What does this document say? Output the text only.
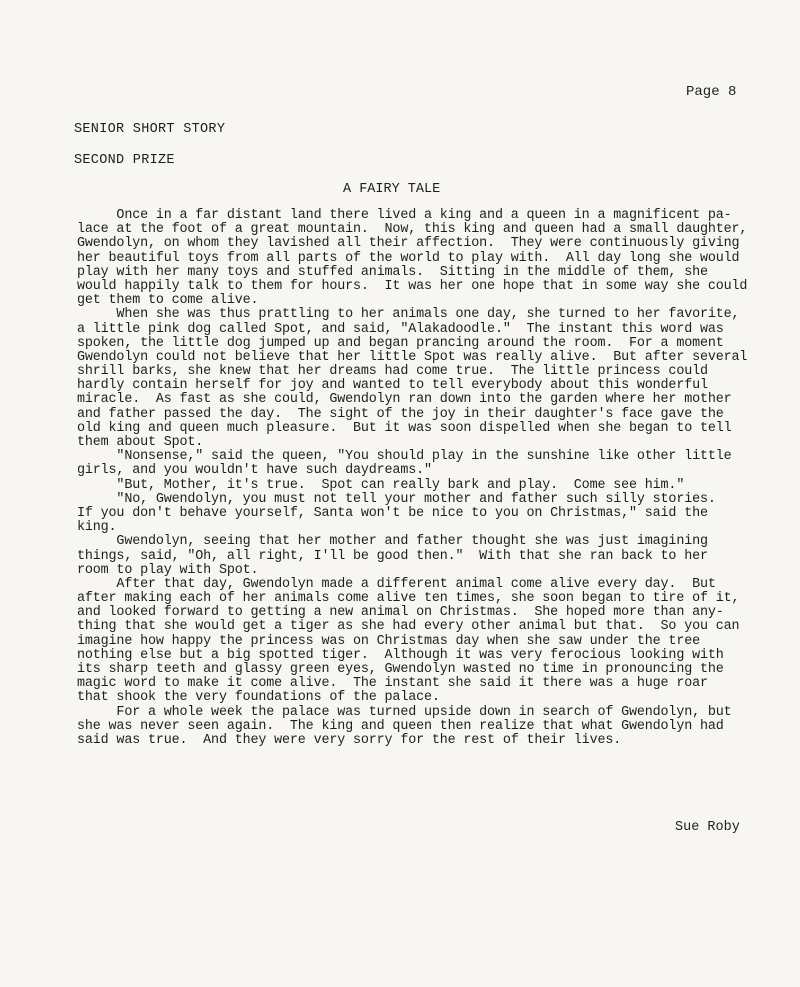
Page 8
SENIOR SHORT STORY
SECOND PRIZE
A FAIRY TALE
Once in a far distant land there lived a king and a queen in a magnificent pa-
lace at the foot of a great mountain.  Now, this king and queen had a small daughter,
Gwendolyn, on whom they lavished all their affection.  They were continuously giving
her beautiful toys from all parts of the world to play with.  All day long she would
play with her many toys and stuffed animals.  Sitting in the middle of them, she
would happily talk to them for hours.  It was her one hope that in some way she could
get them to come alive.
When she was thus prattling to her animals one day, she turned to her favorite,
a little pink dog called Spot, and said, "Alakadoodle."  The instant this word was
spoken, the little dog jumped up and began prancing around the room.  For a moment
Gwendolyn could not believe that her little Spot was really alive.  But after several
shrill barks, she knew that her dreams had come true.  The little princess could
hardly contain herself for joy and wanted to tell everybody about this wonderful
miracle.  As fast as she could, Gwendolyn ran down into the garden where her mother
and father passed the day.  The sight of the joy in their daughter's face gave the
old king and queen much pleasure.  But it was soon dispelled when she began to tell
them about Spot.
"Nonsense," said the queen, "You should play in the sunshine like other little
girls, and you wouldn't have such daydreams."
"But, Mother, it's true.  Spot can really bark and play.  Come see him."
"No, Gwendolyn, you must not tell your mother and father such silly stories.
If you don't behave yourself, Santa won't be nice to you on Christmas," said the
king.
Gwendolyn, seeing that her mother and father thought she was just imagining
things, said, "Oh, all right, I'll be good then."  With that she ran back to her
room to play with Spot.
After that day, Gwendolyn made a different animal come alive every day.  But
after making each of her animals come alive ten times, she soon began to tire of it,
and looked forward to getting a new animal on Christmas.  She hoped more than any-
thing that she would get a tiger as she had every other animal but that.  So you can
imagine how happy the princess was on Christmas day when she saw under the tree
nothing else but a big spotted tiger.  Although it was very ferocious looking with
its sharp teeth and glassy green eyes, Gwendolyn wasted no time in pronouncing the
magic word to make it come alive.  The instant she said it there was a huge roar
that shook the very foundations of the palace.
For a whole week the palace was turned upside down in search of Gwendolyn, but
she was never seen again.  The king and queen then realize that what Gwendolyn had
said was true.  And they were very sorry for the rest of their lives.
Sue Roby
